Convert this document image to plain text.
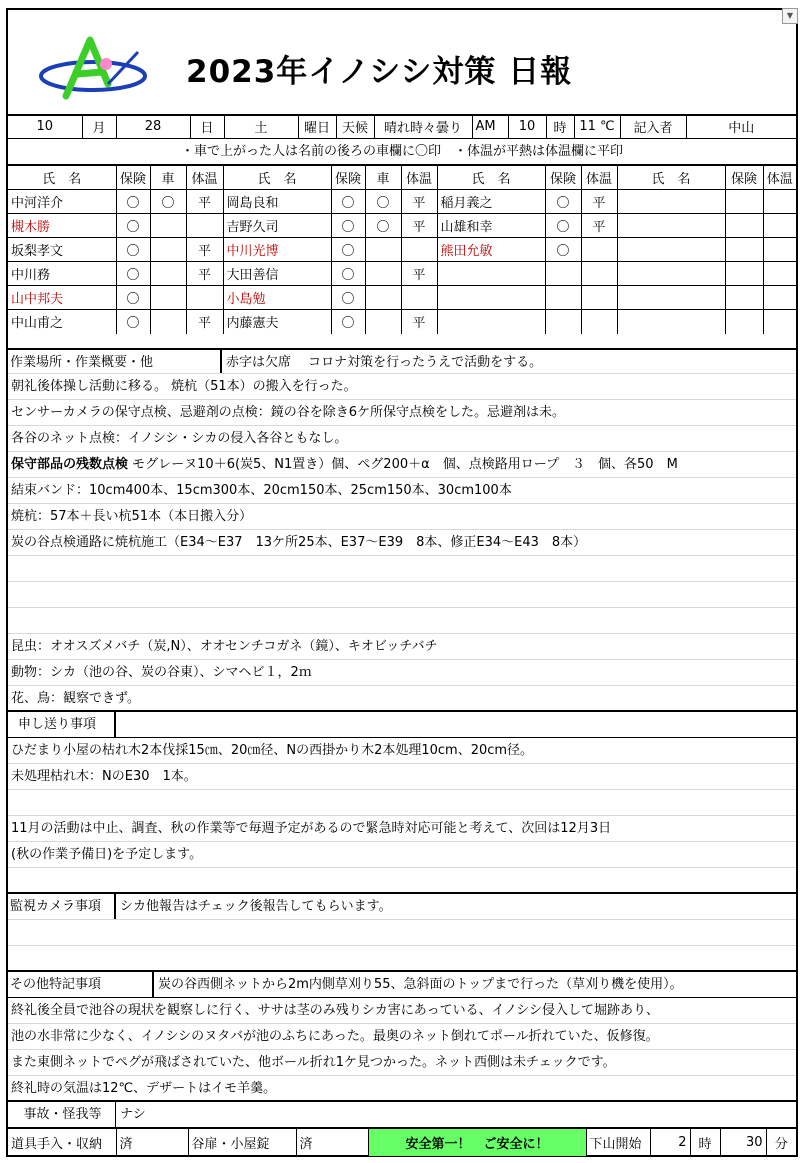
2023年イノシシ対策 日報
▼
10	月	28	日	土	曜日	天候	晴れ時々曇り	AM	10	時	11 ℃	記入者	中山
・車で上がった人は名前の後ろの車欄に〇印　・体温が平熱は体温欄に平印
氏　名	保険	車	体温	氏　名	保険	車	体温	氏　名	保険	体温	氏　名	保険	体温
中河洋介	〇	〇	平	岡島良和	〇	〇	平	稲月義之	〇	平			
槻木勝	〇			吉野久司	〇	〇	平	山雄和幸	〇	平			
坂梨孝文	〇		平	中川光博	〇			熊田允敏	〇				
中川務	〇		平	大田善信	〇		平						
山中邦夫	〇			小島勉	〇								
中山甫之	〇		平	内藤憲夫	〇		平						
作業場所・作業概要・他	赤字は欠席　 コロナ対策を行ったうえで活動をする。
朝礼後体操し活動に移る。 焼杭（51本）の搬入を行った。
センサーカメラの保守点検、忌避剤の点検：鏡の谷を除き6ケ所保守点検をした。忌避剤は未。
各谷のネット点検：イノシシ・シカの侵入各谷ともなし。
保守部品の残数点検 モグレーヌ10＋6(炭5、N1置き）個、ペグ200＋α　個、点検路用ロープ　３　個、各50　M
結束バンド：10cm400本、15cm300本、20cm150本、25cm150本、30cm100本
焼杭：57本＋長い杭51本（本日搬入分）
炭の谷点検通路に焼杭施工（E34～E37　13ケ所25本、E37～E39　8本、修正E34～E43　8本）
昆虫：オオスズメバチ（炭,N）、オオセンチコガネ（鏡）、キオビッチバチ
動物：シカ（池の谷、炭の谷東）、シマヘビ１，2ｍ
花、鳥：観察できず。
申し送り事項
ひだまり小屋の枯れ木2本伐採15㎝、20㎝径、Nの西掛かり木2本処理10cm、20cm径。
未処理枯れ木：NのE30　1本。
11月の活動は中止、調査、秋の作業等で毎週予定があるので緊急時対応可能と考えて、次回は12月3日
(秋の作業予備日)を予定します。
監視カメラ事項 シカ他報告はチェック後報告してもらいます。
その他特記事項	炭の谷西側ネットから2m内側草刈り55、急斜面のトップまで行った（草刈り機を使用）。
終礼後全員で池谷の現状を観察しに行く、ササは茎のみ残りシカ害にあっている、イノシシ侵入して堀跡あり、
池の水非常に少なく、イノシシのヌタバが池のふちにあった。最奥のネット倒れてポール折れていた、仮修復。
また東側ネットでペグが飛ばされていた、他ボール折れ1ケ見つかった。ネット西側は未チェックです。
終礼時の気温は12℃、デザートはイモ羊羹。
事故・怪我等 ナシ
道具手入・収納	済	谷扉・小屋錠	済	安全第一！　ご安全に！	下山開始	2	時	30	分
